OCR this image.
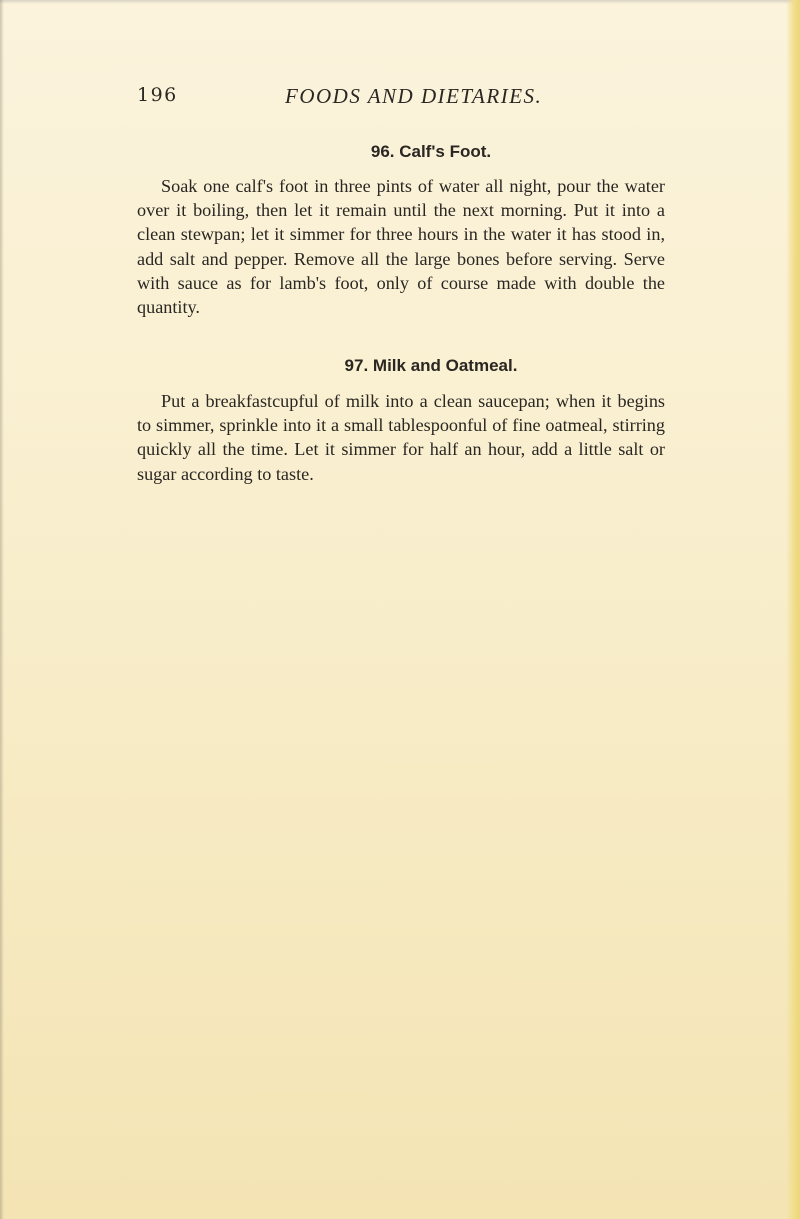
196	FOODS AND DIETARIES.
96. Calf's Foot.

Soak one calf's foot in three pints of water all night, pour the water over it boiling, then let it remain until the next morning. Put it into a clean stewpan; let it simmer for three hours in the water it has stood in, add salt and pepper. Remove all the large bones before serving. Serve with sauce as for lamb's foot, only of course made with double the quantity.

97. Milk and Oatmeal.

Put a breakfastcupful of milk into a clean saucepan; when it begins to simmer, sprinkle into it a small tablespoonful of fine oatmeal, stirring quickly all the time. Let it simmer for half an hour, add a little salt or sugar according to taste.
